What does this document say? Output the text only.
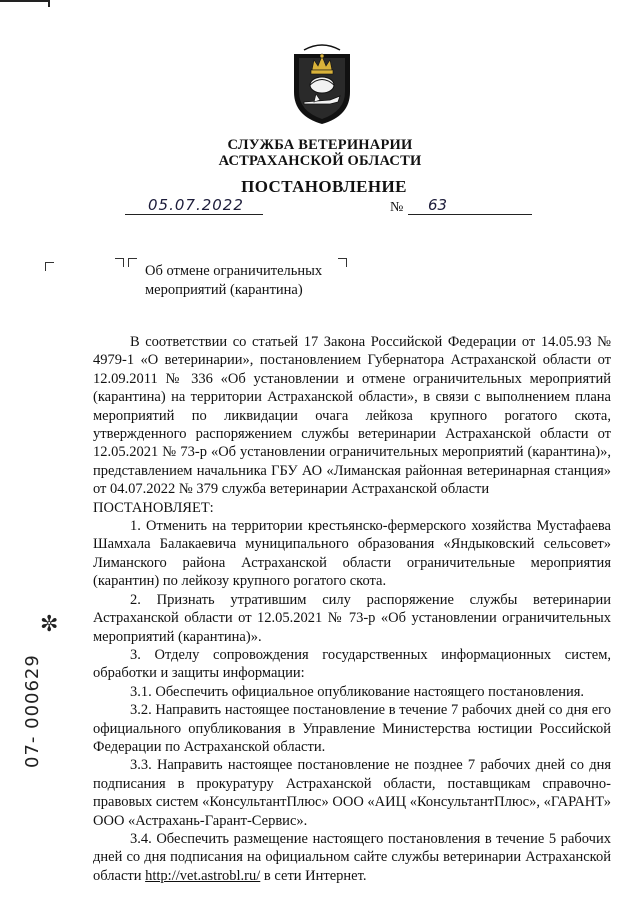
СЛУЖБА ВЕТЕРИНАРИИ
АСТРАХАНСКОЙ ОБЛАСТИ
ПОСТАНОВЛЕНИЕ
05.07.2022	№ 63
Об отмене ограничительных
мероприятий (карантина)

В соответствии со статьей 17 Закона Российской Федерации от 14.05.93 № 4979-1 «О ветеринарии», постановлением Губернатора Астраханской области от 12.09.2011 № 336 «Об установлении и отмене ограничительных мероприятий (карантина) на территории Астраханской области», в связи с выполнением плана мероприятий по ликвидации очага лейкоза крупного рогатого скота, утвержденного распоряжением службы ветеринарии Астраханской области от 12.05.2021 № 73-р «Об установлении ограничительных мероприятий (карантина)», представлением начальника ГБУ АО «Лиманская районная ветеринарная станция» от 04.07.2022 № 379 служба ветеринарии Астраханской области

ПОСТАНОВЛЯЕТ:

1. Отменить на территории крестьянско-фермерского хозяйства Мустафаева Шамхала Балакаевича муниципального образования «Яндыковский сельсовет» Лиманского района Астраханской области ограничительные мероприятия (карантин) по лейкозу крупного рогатого скота.

2. Признать утратившим силу распоряжение службы ветеринарии Астраханской области от 12.05.2021 № 73-р «Об установлении ограничительных мероприятий (карантина)».

3. Отделу сопровождения государственных информационных систем, обработки и защиты информации:

3.1. Обеспечить официальное опубликование настоящего постановления.

3.2. Направить настоящее постановление в течение 7 рабочих дней со дня его официального опубликования в Управление Министерства юстиции Российской Федерации по Астраханской области.

3.3. Направить настоящее постановление не позднее 7 рабочих дней со дня подписания в прокуратуру Астраханской области, поставщикам справочно-правовых систем «КонсультантПлюс» ООО «АИЦ «КонсультантПлюс», «ГАРАНТ» ООО «Астрахань-Гарант-Сервис».

3.4. Обеспечить размещение настоящего постановления в течение 5 рабочих дней со дня подписания на официальном сайте службы ветеринарии Астраханской области http://vet.astrobl.ru/ в сети Интернет.

✼
07- 000629
